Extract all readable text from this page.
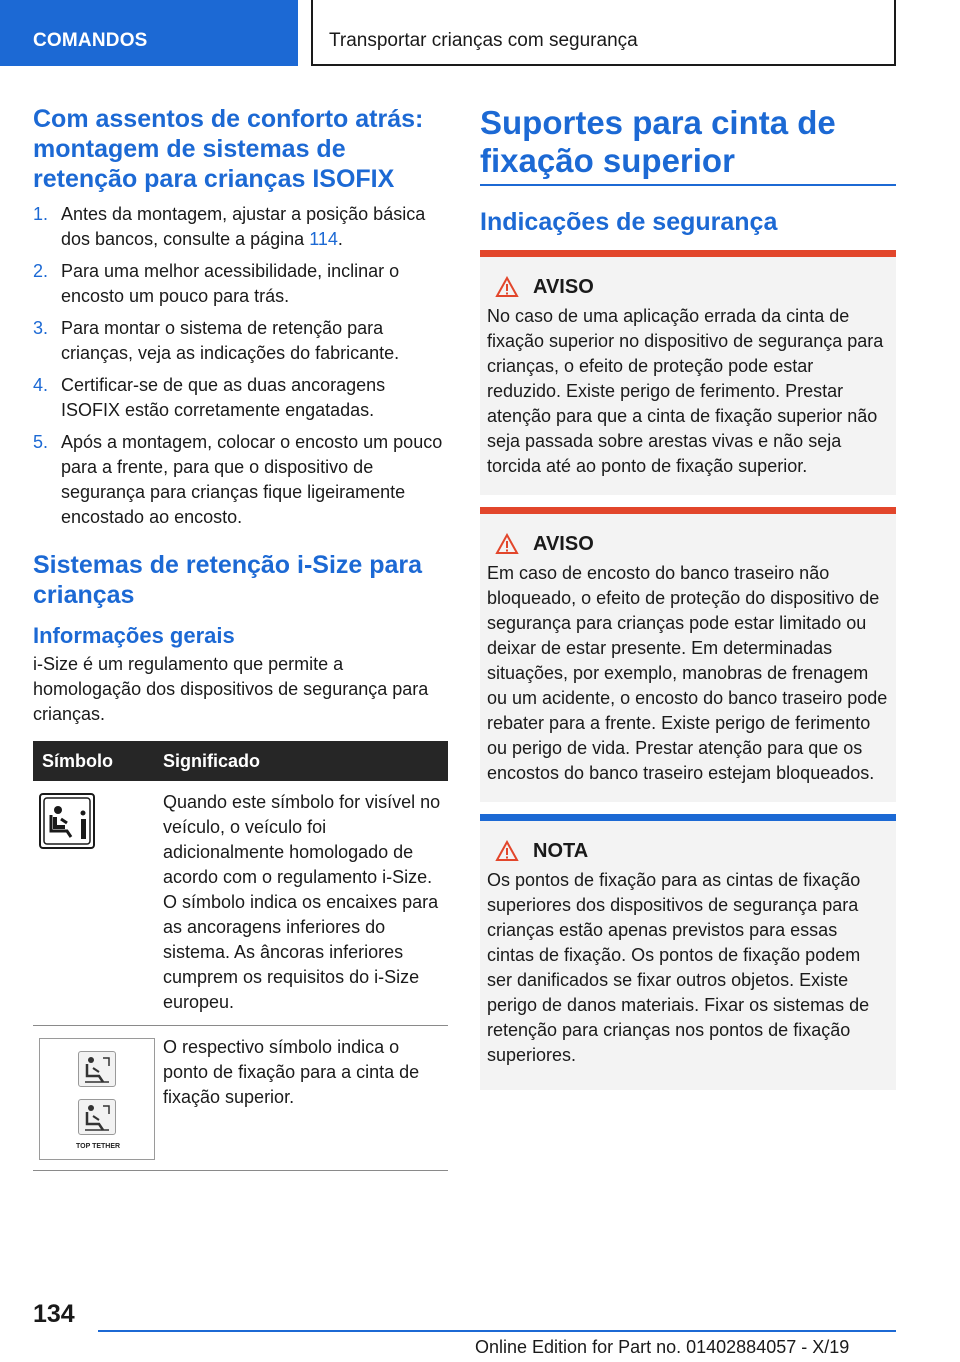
COMANDOS	Transportar crianças com segurança
Com assentos de conforto atrás: montagem de sistemas de retenção para crianças ISOFIX
1. Antes da montagem, ajustar a posição básica dos bancos, consulte a página 114.
2. Para uma melhor acessibilidade, inclinar o encosto um pouco para trás.
3. Para montar o sistema de retenção para crianças, veja as indicações do fabricante.
4. Certificar-se de que as duas ancoragens ISOFIX estão corretamente engatadas.
5. Após a montagem, colocar o encosto um pouco para a frente, para que o dispositivo de segurança para crianças fique ligeiramente encostado ao encosto.
Sistemas de retenção i-Size para crianças
Informações gerais
i-Size é um regulamento que permite a homologação dos dispositivos de segurança para crianças.
Símbolo	Significado
Quando este símbolo for visível no veículo, o veículo foi adicionalmente homologado de acordo com o regulamento i-Size. O símbolo indica os encaixes para as ancoragens inferiores do sistema. As âncoras inferiores cumprem os requisitos do i-Size europeu.
TOP TETHER
O respectivo símbolo indica o ponto de fixação para a cinta de fixação superior.
Suportes para cinta de fixação superior
Indicações de segurança
AVISO
No caso de uma aplicação errada da cinta de fixação superior no dispositivo de segurança para crianças, o efeito de proteção pode estar reduzido. Existe perigo de ferimento. Prestar atenção para que a cinta de fixação superior não seja passada sobre arestas vivas e não seja torcida até ao ponto de fixação superior.
AVISO
Em caso de encosto do banco traseiro não bloqueado, o efeito de proteção do dispositivo de segurança para crianças pode estar limitado ou deixar de estar presente. Em determinadas situações, por exemplo, manobras de frenagem ou um acidente, o encosto do banco traseiro pode rebater para a frente. Existe perigo de ferimento ou perigo de vida. Prestar atenção para que os encostos do banco traseiro estejam bloqueados.
NOTA
Os pontos de fixação para as cintas de fixação superiores dos dispositivos de segurança para crianças estão apenas previstos para essas cintas de fixação. Os pontos de fixação podem ser danificados se fixar outros objetos. Existe perigo de danos materiais. Fixar os sistemas de retenção para crianças nos pontos de fixação superiores.
134
Online Edition for Part no. 01402884057 - X/19
